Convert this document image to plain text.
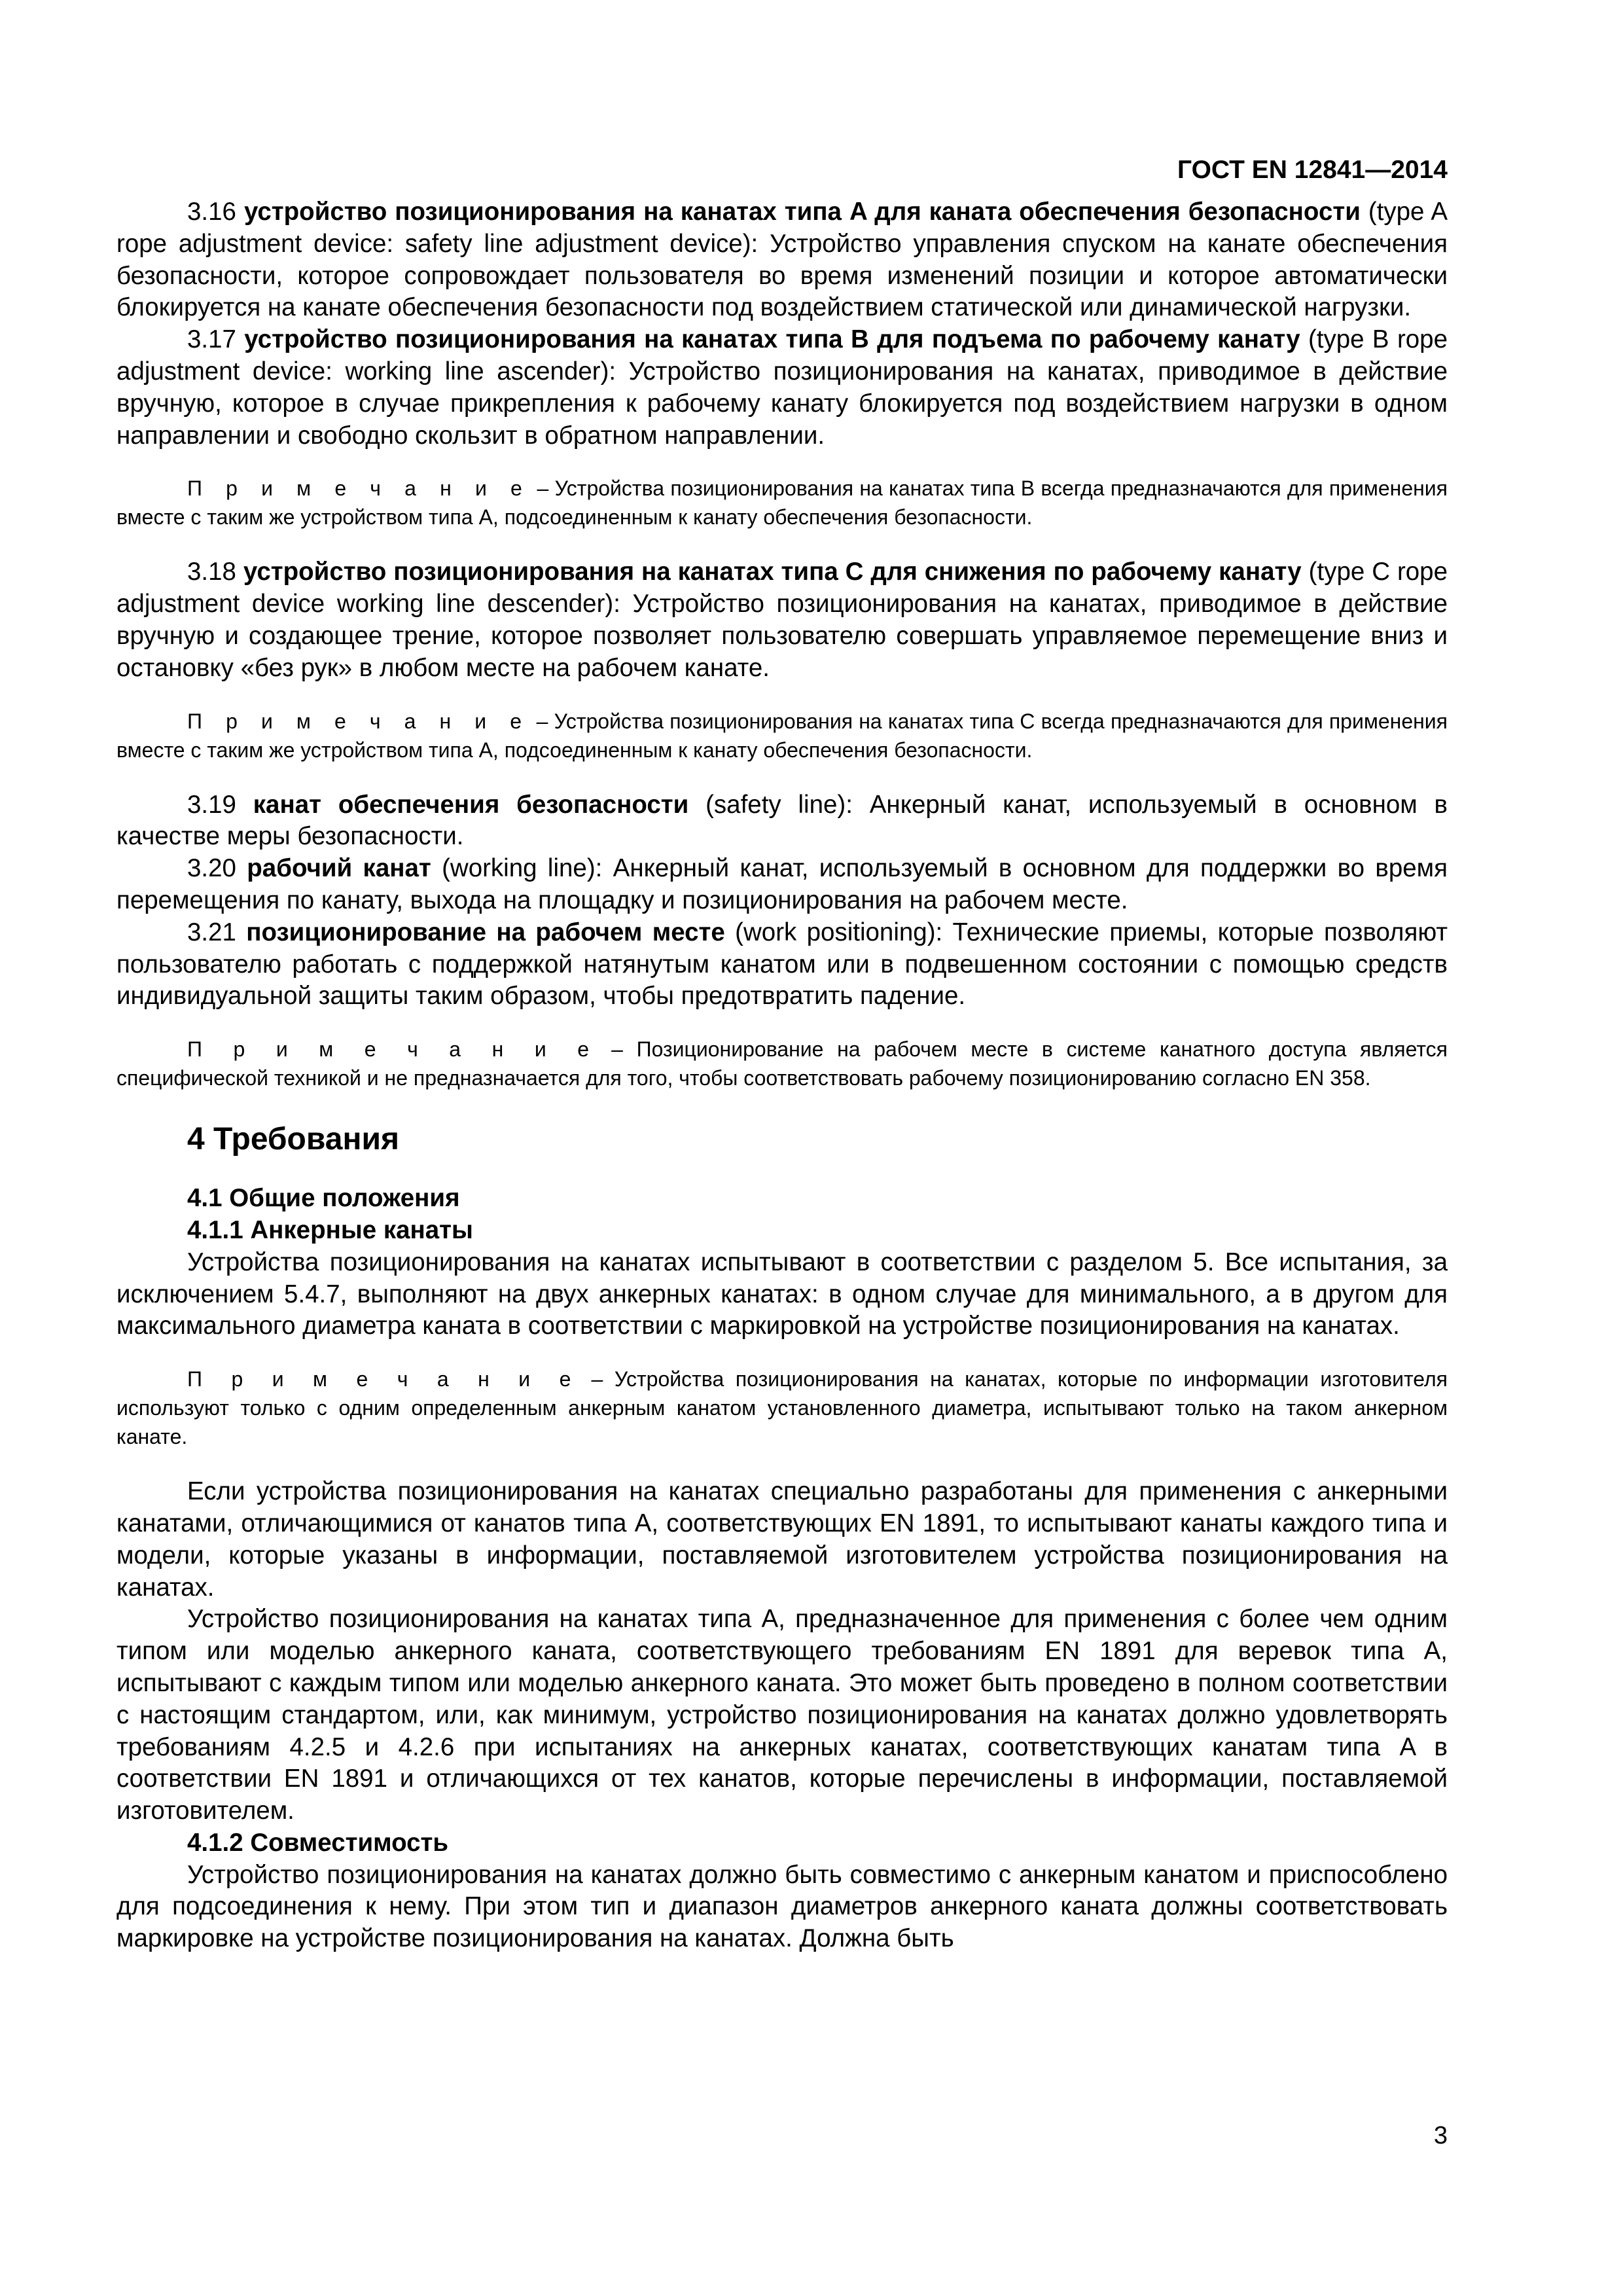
ГОСТ EN 12841—2014

3.16 устройство позиционирования на канатах типа A для каната обеспечения безопасности (type A rope adjustment device: safety line adjustment device): Устройство управления спуском на канате обеспечения безопасности, которое сопровождает пользователя во время изменений позиции и которое автоматически блокируется на канате обеспечения безопасности под воздействием статической или динамической нагрузки.

3.17 устройство позиционирования на канатах типа B для подъема по рабочему канату (type B rope adjustment device: working line ascender): Устройство позиционирования на канатах, приводимое в действие вручную, которое в случае прикрепления к рабочему канату блокируется под воздействием нагрузки в одном направлении и свободно скользит в обратном направлении.

П р и м е ч а н и е – Устройства позиционирования на канатах типа B всегда предназначаются для применения вместе с таким же устройством типа A, подсоединенным к канату обеспечения безопасности.

3.18 устройство позиционирования на канатах типа C для снижения по рабочему канату (type C rope adjustment device working line descender): Устройство позиционирования на канатах, приводимое в действие вручную и создающее трение, которое позволяет пользователю совершать управляемое перемещение вниз и остановку «без рук» в любом месте на рабочем канате.

П р и м е ч а н и е – Устройства позиционирования на канатах типа C всегда предназначаются для применения вместе с таким же устройством типа A, подсоединенным к канату обеспечения безопасности.

3.19 канат обеспечения безопасности (safety line): Анкерный канат, используемый в основном в качестве меры безопасности.

3.20 рабочий канат (working line): Анкерный канат, используемый в основном для поддержки во время перемещения по канату, выхода на площадку и позиционирования на рабочем месте.

3.21 позиционирование на рабочем месте (work positioning): Технические приемы, которые позволяют пользователю работать с поддержкой натянутым канатом или в подвешенном состоянии с помощью средств индивидуальной защиты таким образом, чтобы предотвратить падение.

П р и м е ч а н и е – Позиционирование на рабочем месте в системе канатного доступа является специфической техникой и не предназначается для того, чтобы соответствовать рабочему позиционированию согласно EN 358.

4 Требования

4.1 Общие положения

4.1.1 Анкерные канаты

Устройства позиционирования на канатах испытывают в соответствии с разделом 5. Все испытания, за исключением 5.4.7, выполняют на двух анкерных канатах: в одном случае для минимального, а в другом для максимального диаметра каната в соответствии с маркировкой на устройстве позиционирования на канатах.

П р и м е ч а н и е – Устройства позиционирования на канатах, которые по информации изготовителя используют только с одним определенным анкерным канатом установленного диаметра, испытывают только на таком анкерном канате.

Если устройства позиционирования на канатах специально разработаны для применения с анкерными канатами, отличающимися от канатов типа A, соответствующих EN 1891, то испытывают канаты каждого типа и модели, которые указаны в информации, поставляемой изготовителем устройства позиционирования на канатах.

Устройство позиционирования на канатах типа A, предназначенное для применения с более чем одним типом или моделью анкерного каната, соответствующего требованиям EN 1891 для веревок типа A, испытывают с каждым типом или моделью анкерного каната. Это может быть проведено в полном соответствии с настоящим стандартом, или, как минимум, устройство позиционирования на канатах должно удовлетворять требованиям 4.2.5 и 4.2.6 при испытаниях на анкерных канатах, соответствующих канатам типа A в соответствии EN 1891 и отличающихся от тех канатов, которые перечислены в информации, поставляемой изготовителем.

4.1.2 Совместимость

Устройство позиционирования на канатах должно быть совместимо с анкерным канатом и приспособлено для подсоединения к нему. При этом тип и диапазон диаметров анкерного каната должны соответствовать маркировке на устройстве позиционирования на канатах. Должна быть

3
